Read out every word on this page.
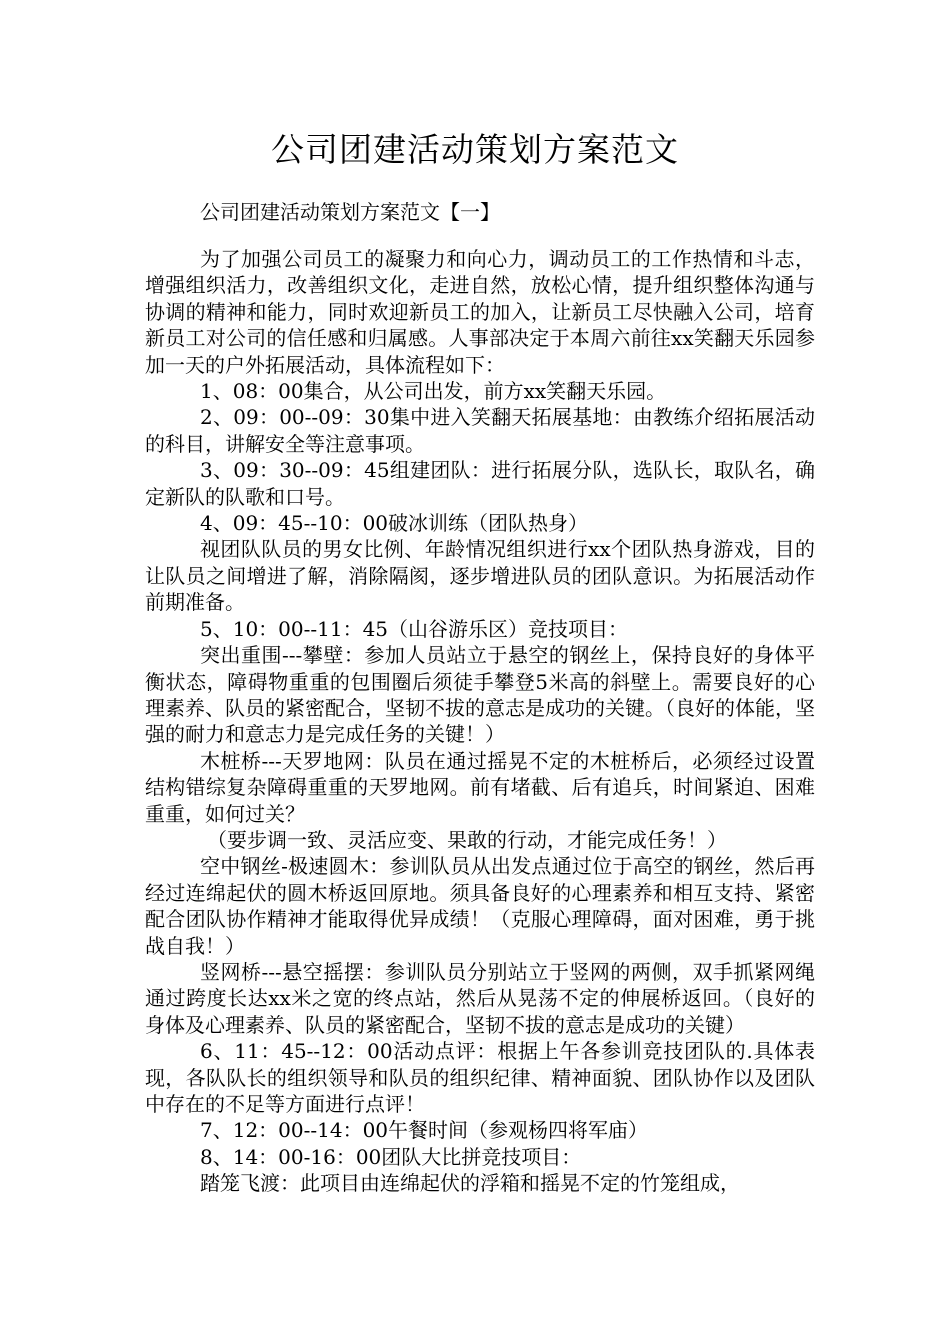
公司团建活动策划方案范文
公司团建活动策划方案范文【一】

为了加强公司员工的凝聚力和向心力，调动员工的工作热情和斗志，增强组织活力，改善组织文化，走进自然，放松心情，提升组织整体沟通与协调的精神和能力，同时欢迎新员工的加入，让新员工尽快融入公司，培育新员工对公司的信任感和归属感。人事部决定于本周六前往xx笑翻天乐园参加一天的户外拓展活动，具体流程如下：

1、08：00集合，从公司出发，前方xx笑翻天乐园。

2、09：00--09：30集中进入笑翻天拓展基地：由教练介绍拓展活动的科目，讲解安全等注意事项。

3、09：30--09：45组建团队：进行拓展分队，选队长，取队名，确定新队的队歌和口号。

4、09：45--10：00破冰训练（团队热身）

视团队队员的男女比例、年龄情况组织进行xx个团队热身游戏，目的让队员之间增进了解，消除隔阂，逐步增进队员的团队意识。为拓展活动作前期准备。

5、10：00--11：45（山谷游乐区）竞技项目：

突出重围---攀壁：参加人员站立于悬空的钢丝上，保持良好的身体平衡状态，障碍物重重的包围圈后须徒手攀登5米高的斜壁上。需要良好的心理素养、队员的紧密配合，坚韧不拔的意志是成功的关键。（良好的体能，坚强的耐力和意志力是完成任务的关键！）

木桩桥---天罗地网：队员在通过摇晃不定的木桩桥后，必须经过设置结构错综复杂障碍重重的天罗地网。前有堵截、后有追兵，时间紧迫、困难重重，如何过关？

（要步调一致、灵活应变、果敢的行动，才能完成任务！）

空中钢丝-极速圆木：参训队员从出发点通过位于高空的钢丝，然后再经过连绵起伏的圆木桥返回原地。须具备良好的心理素养和相互支持、紧密配合团队协作精神才能取得优异成绩！（克服心理障碍，面对困难，勇于挑战自我！）

竖网桥---悬空摇摆：参训队员分别站立于竖网的两侧，双手抓紧网绳通过跨度长达xx米之宽的终点站，然后从晃荡不定的伸展桥返回。（良好的身体及心理素养、队员的紧密配合，坚韧不拔的意志是成功的关键）

6、11：45--12：00活动点评：根据上午各参训竞技团队的.具体表现，各队队长的组织领导和队员的组织纪律、精神面貌、团队协作以及团队中存在的不足等方面进行点评！

7、12：00--14：00午餐时间（参观杨四将军庙）

8、14：00-16：00团队大比拼竞技项目：

踏笼飞渡：此项目由连绵起伏的浮箱和摇晃不定的竹笼组成，
